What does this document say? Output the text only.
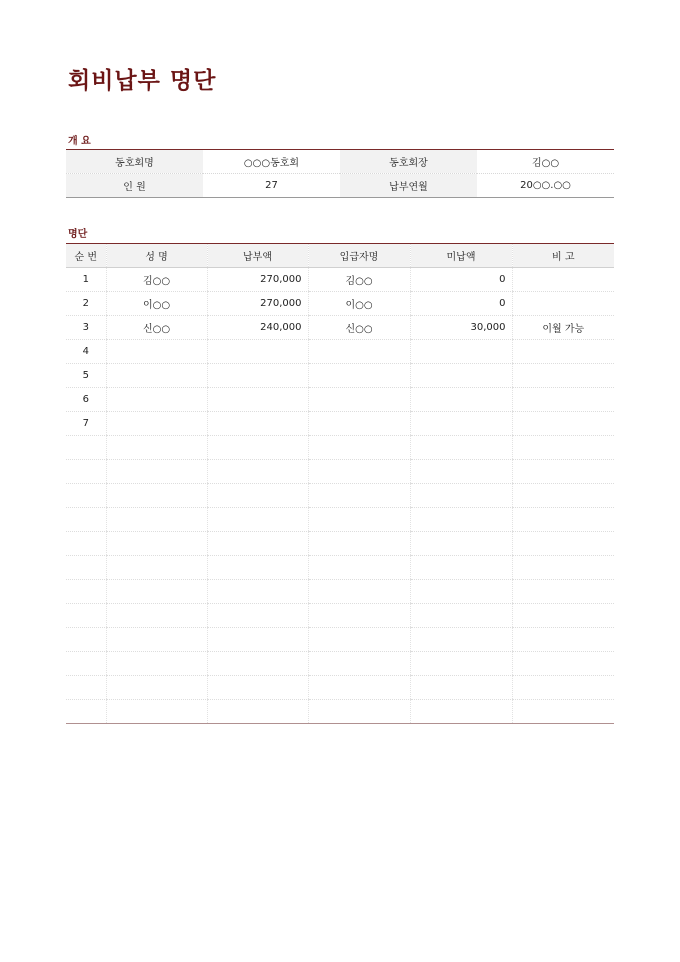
회비납부 명단
개 요
동호회명	○○○동호회	동호회장	김○○
인 원	27	납부연월	20○○.○○
명단
순 번	성 명	납부액	입급자명	미납액	비 고
1	김○○	270,000	김○○	0	
2	이○○	270,000	이○○	0	
3	신○○	240,000	신○○	30,000	이월 가능
4					
5					
6					
7					
